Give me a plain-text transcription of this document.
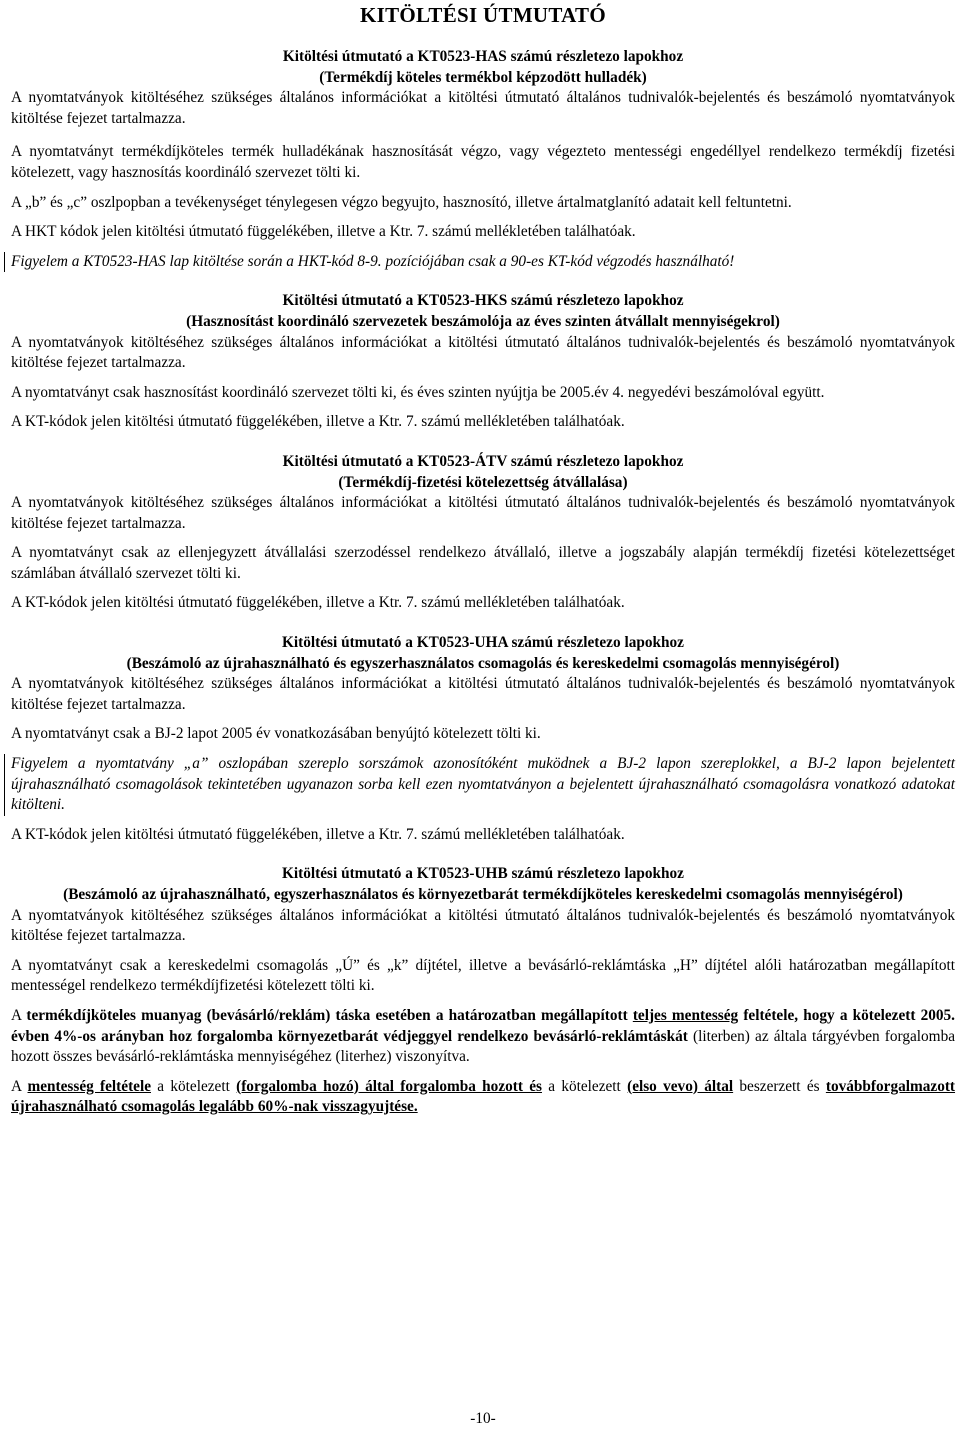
KITÖLTÉSI ÚTMUTATÓ
Kitöltési útmutató a KT0523-HAS számú részletezo lapokhoz
(Termékdíj köteles termékbol képzodött hulladék)

A nyomtatványok kitöltéséhez szükséges általános információkat a kitöltési útmutató általános tudnivalók-bejelentés és beszámoló nyomtatványok kitöltése fejezet tartalmazza.

A nyomtatványt termékdíjköteles termék hulladékának hasznosítását végzo, vagy végezteto mentességi engedéllyel rendelkezo termékdíj fizetési kötelezett, vagy hasznosítás koordináló szervezet tölti ki.

A „b” és „c” oszlpopban a tevékenységet ténylegesen végzo begyujto, hasznosító, illetve ártalmatglanító adatait kell feltuntetni.

A HKT kódok jelen kitöltési útmutató függelékében, illetve a Ktr. 7. számú mellékletében találhatóak.

Figyelem a KT0523-HAS lap kitöltése során a HKT-kód 8-9. pozíciójában csak a 90-es KT-kód végzodés használható!

Kitöltési útmutató a KT0523-HKS számú részletezo lapokhoz
(Hasznosítást koordináló szervezetek beszámolója az éves szinten átvállalt mennyiségekrol)

A nyomtatványok kitöltéséhez szükséges általános információkat a kitöltési útmutató általános tudnivalók-bejelentés és beszámoló nyomtatványok kitöltése fejezet tartalmazza.

A nyomtatványt csak hasznosítást koordináló szervezet tölti ki, és éves szinten nyújtja be 2005.év 4. negyedévi beszámolóval együtt.

A KT-kódok jelen kitöltési útmutató függelékében, illetve a Ktr. 7. számú mellékletében találhatóak.

Kitöltési útmutató a KT0523-ÁTV számú részletezo lapokhoz
(Termékdíj-fizetési kötelezettség átvállalása)

A nyomtatványok kitöltéséhez szükséges általános információkat a kitöltési útmutató általános tudnivalók-bejelentés és beszámoló nyomtatványok kitöltése fejezet tartalmazza.

A nyomtatványt csak az ellenjegyzett átvállalási szerzodéssel rendelkezo átvállaló, illetve a jogszabály alapján termékdíj fizetési kötelezettséget számlában átvállaló szervezet tölti ki.

A KT-kódok jelen kitöltési útmutató függelékében, illetve a Ktr. 7. számú mellékletében találhatóak.

Kitöltési útmutató a KT0523-UHA számú részletezo lapokhoz
(Beszámoló az újrahasználható és egyszerhasználatos csomagolás és kereskedelmi csomagolás mennyiségérol)

A nyomtatványok kitöltéséhez szükséges általános információkat a kitöltési útmutató általános tudnivalók-bejelentés és beszámoló nyomtatványok kitöltése fejezet tartalmazza.

A nyomtatványt csak a BJ-2 lapot 2005 év vonatkozásában benyújtó kötelezett tölti ki.

Figyelem a nyomtatvány „a” oszlopában szereplo sorszámok azonosítóként muködnek a BJ-2 lapon szereplokkel, a BJ-2 lapon bejelentett újrahasználható csomagolások tekintetében ugyanazon sorba kell ezen nyomtatványon a bejelentett újrahasználható csomagolásra vonatkozó adatokat kitölteni.

A KT-kódok jelen kitöltési útmutató függelékében, illetve a Ktr. 7. számú mellékletében találhatóak.

Kitöltési útmutató a KT0523-UHB számú részletezo lapokhoz
(Beszámoló az újrahasználható, egyszerhasználatos és környezetbarát termékdíjköteles kereskedelmi csomagolás mennyiségérol)

A nyomtatványok kitöltéséhez szükséges általános információkat a kitöltési útmutató általános tudnivalók-bejelentés és beszámoló nyomtatványok kitöltése fejezet tartalmazza.

A nyomtatványt csak a kereskedelmi csomagolás „Ú” és „k” díjtétel, illetve a bevásárló-reklámtáska „H” díjtétel alóli határozatban megállapított mentességel rendelkezo termékdíjfizetési kötelezett tölti ki.

A termékdíjköteles muanyag (bevásárló/reklám) táska esetében a határozatban megállapított teljes mentesség feltétele, hogy a kötelezett 2005. évben 4%-os arányban hoz forgalomba környezetbarát védjeggyel rendelkezo bevásárló-reklámtáskát (literben) az általa tárgyévben forgalomba hozott összes bevásárló-reklámtáska mennyiségéhez (literhez) viszonyítva.

A mentesség feltétele a kötelezett (forgalomba hozó) által forgalomba hozott és a kötelezett (elso vevo) által beszerzett és továbbforgalmazott újrahasználható csomagolás legalább 60%-nak visszagyujtése.

-10-
